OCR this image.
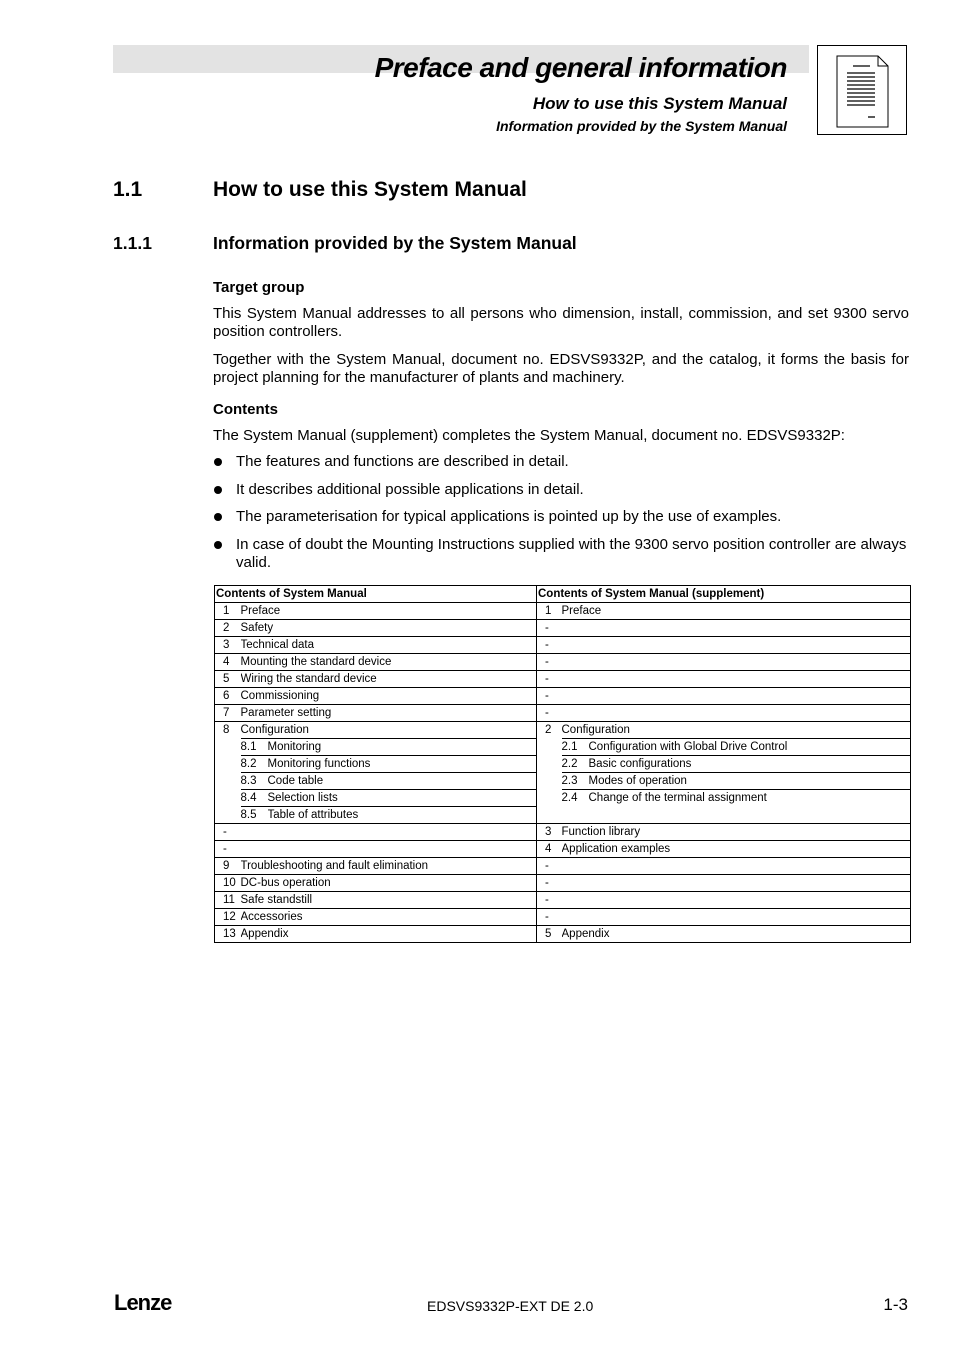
Preface and general information
How to use this System Manual
Information provided by the System Manual
1.1	How to use this System Manual
1.1.1	Information provided by the System Manual
Target group
This System Manual addresses to all persons who dimension, install, commission, and set 9300 servo position controllers.
Together with the System Manual, document no. EDSVS9332P, and the catalog, it forms the basis for project planning for the manufacturer of plants and machinery.
Contents
The System Manual (supplement) completes the System Manual, document no. EDSVS9332P:
The features and functions are described in detail.
It describes additional possible applications in detail.
The parameterisation for typical applications is pointed up by the use of examples.
In case of doubt the Mounting Instructions supplied with the 9300 servo position controller are always valid.
Contents of System Manual			Contents of System Manual (supplement)		
1	Preface		1	Preface	
2	Safety		-		
3	Technical data		-		
4	Mounting the standard device		-		
5	Wiring the standard device		-		
6	Commissioning		-		
7	Parameter setting		-		
8	Configuration		2	Configuration	
	8.1	Monitoring		2.1	Configuration with Global Drive Control
	8.2	Monitoring functions		2.2	Basic configurations
	8.3	Code table		2.3	Modes of operation
	8.4	Selection lists		2.4	Change of the terminal assignment
	8.5	Table of attributes			
-			3	Function library	
-			4	Application examples	
9	Troubleshooting and fault elimination		-		
10	DC-bus operation		-		
11	Safe standstill		-		
12	Accessories		-		
13	Appendix		5	Appendix	
Lenze	EDSVS9332P-EXT DE 2.0	1-3
